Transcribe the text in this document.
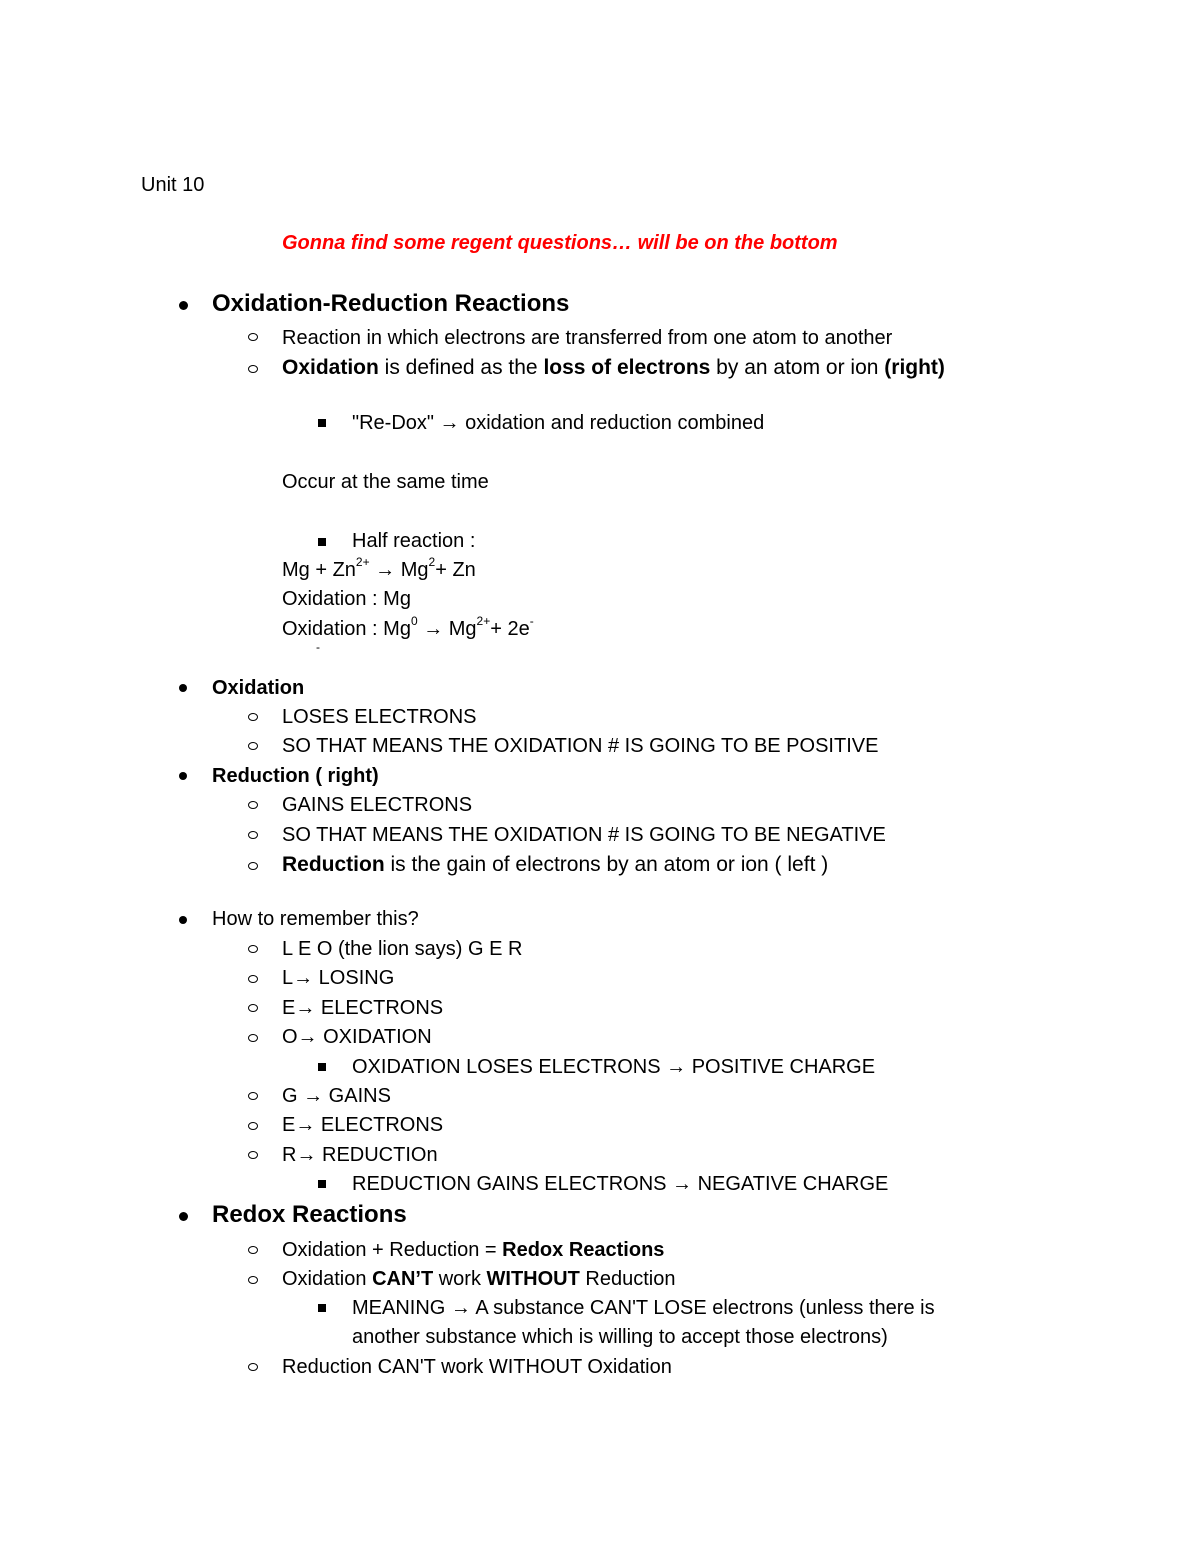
Unit 10
Gonna find some regent questions… will be on the bottom
Oxidation-Reduction Reactions
Reaction in which electrons are transferred from one atom to another
Oxidation is defined as the loss of electrons by an atom or ion (right)
"Re-Dox" → oxidation and reduction combined
Occur at the same time
Half reaction :
$Mg + Zn^{2+} \to Mg^2+ Zn$
Oxidation : Mg
Oxidation : $Mg^0 \to Mg^{2+}+ 2e^-$
-
Oxidation
LOSES ELECTRONS
SO THAT MEANS THE OXIDATION # IS GOING TO BE POSITIVE
Reduction ( right)
GAINS ELECTRONS
SO THAT MEANS THE OXIDATION # IS GOING TO BE NEGATIVE
Reduction is the gain of electrons by an atom or ion ( left )
How to remember this?
L E O (the lion says) G E R
L→ LOSING
E→ ELECTRONS
O→ OXIDATION
OXIDATION LOSES ELECTRONS → POSITIVE CHARGE
G → GAINS
E→ ELECTRONS
R→ REDUCTIOn
REDUCTION GAINS ELECTRONS → NEGATIVE CHARGE
Redox Reactions
Oxidation + Reduction = Redox Reactions
Oxidation CAN’T work WITHOUT Reduction
MEANING → A substance CAN'T LOSE electrons (unless there is
another substance which is willing to accept those electrons)
Reduction CAN'T work WITHOUT Oxidation
